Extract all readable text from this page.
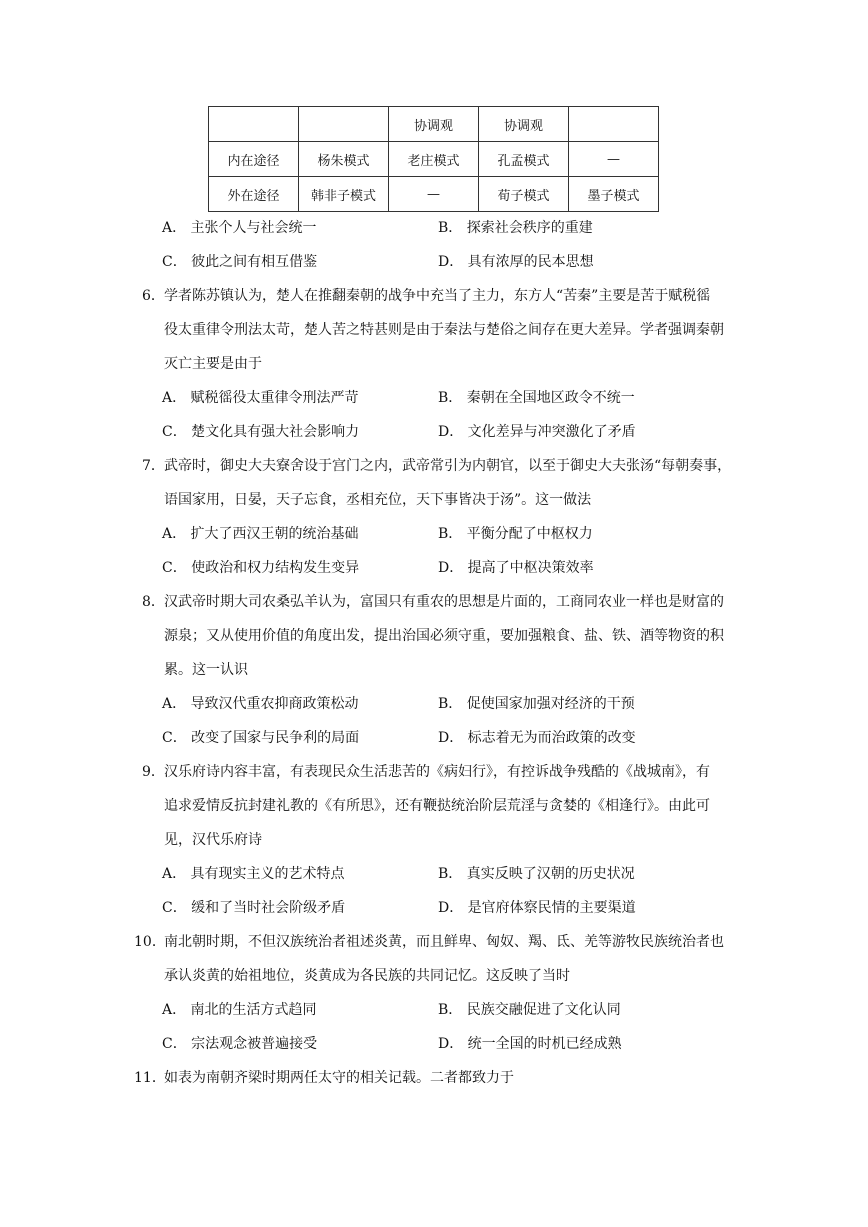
		协调观	协调观	
内在途径	杨朱模式	老庄模式	孔孟模式	—
外在途径	韩非子模式	—	荀子模式	墨子模式
A． 主张个人与社会统一	B． 探索社会秩序的重建
C． 彼此之间有相互借鉴	D． 具有浓厚的民本思想
6． 学者陈苏镇认为，楚人在推翻秦朝的战争中充当了主力，东方人“苦秦”主要是苦于赋税徭
役太重律令刑法太苛，楚人苦之特甚则是由于秦法与楚俗之间存在更大差异。学者强调秦朝
灭亡主要是由于
A． 赋税徭役太重律令刑法严苛	B． 秦朝在全国地区政令不统一
C． 楚文化具有强大社会影响力	D． 文化差异与冲突激化了矛盾
7． 武帝时，御史大夫寮舍设于宫门之内，武帝常引为内朝官，以至于御史大夫张汤“每朝奏事，
语国家用，日晏，天子忘食，丞相充位，天下事皆决于汤”。这一做法
A． 扩大了西汉王朝的统治基础	B． 平衡分配了中枢权力
C． 使政治和权力结构发生变异	D． 提高了中枢决策效率
8． 汉武帝时期大司农桑弘羊认为，富国只有重农的思想是片面的，工商同农业一样也是财富的
源泉；又从使用价值的角度出发，提出治国必须守重，要加强粮食、盐、铁、酒等物资的积
累。这一认识
A． 导致汉代重农抑商政策松动	B． 促使国家加强对经济的干预
C． 改变了国家与民争利的局面	D． 标志着无为而治政策的改变
9． 汉乐府诗内容丰富，有表现民众生活悲苦的《病妇行》，有控诉战争残酷的《战城南》，有
追求爱情反抗封建礼教的《有所思》，还有鞭挞统治阶层荒淫与贪婪的《相逢行》。由此可
见，汉代乐府诗
A． 具有现实主义的艺术特点	B． 真实反映了汉朝的历史状况
C． 缓和了当时社会阶级矛盾	D． 是官府体察民情的主要渠道
10．
南北朝时期，不但汉族统治者祖述炎黄，而且鲜卑、匈奴、羯、氐、羌等游牧民族统治者也
承认炎黄的始祖地位，炎黄成为各民族的共同记忆。这反映了当时
A． 南北的生活方式趋同	B． 民族交融促进了文化认同
C． 宗法观念被普遍接受	D． 统一全国的时机已经成熟
11．
如表为南朝齐梁时期两任太守的相关记载。二者都致力于
